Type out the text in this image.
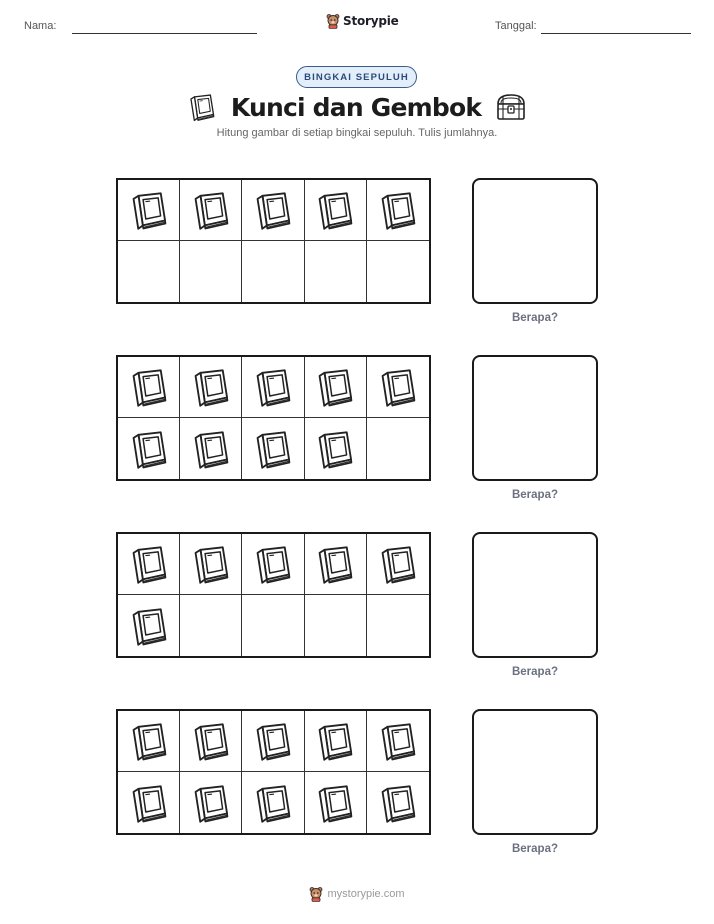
Nama:	Storypie	Tanggal:
BINGKAI SEPULUH
Kunci dan Gembok
Hitung gambar di setiap bingkai sepuluh. Tulis jumlahnya.
Berapa?
Berapa?
Berapa?
Berapa?
mystorypie.com
